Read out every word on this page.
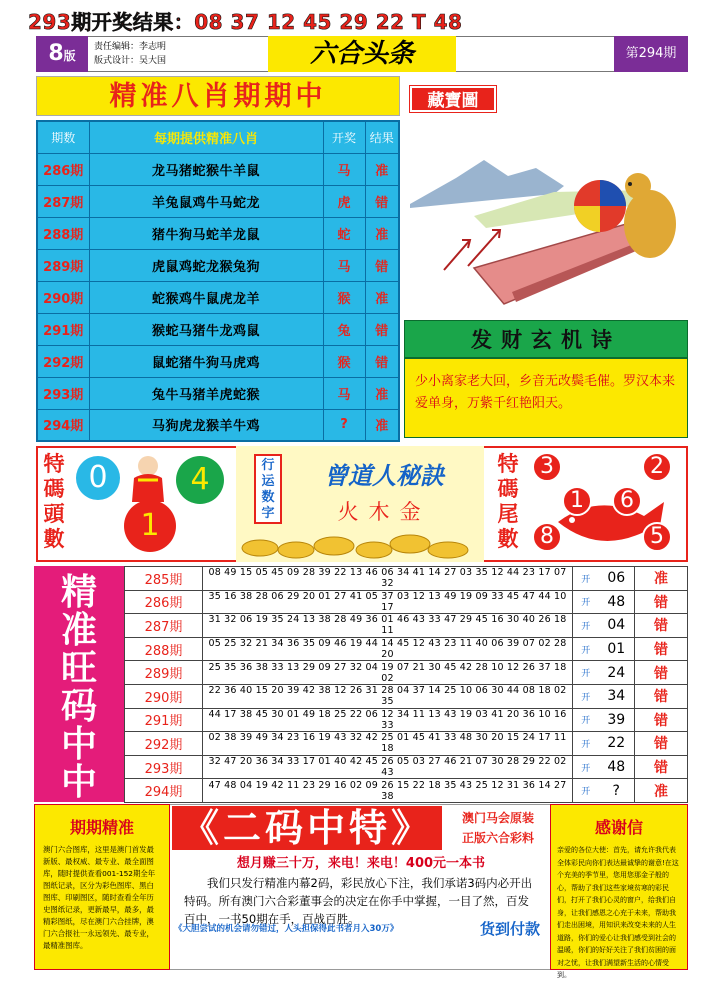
293期开奖结果：08 37 12 45 29 22 T 48
8版
责任编辑：李志明
版式设计：吴大国	六合头条	第294期
精准八肖期期中	藏寶圖
期数	每期提供精准八肖	开奖	结果
286期	龙马猪蛇猴牛羊鼠	马	准
287期	羊兔鼠鸡牛马蛇龙	虎	错
288期	猪牛狗马蛇羊龙鼠	蛇	准
289期	虎鼠鸡蛇龙猴兔狗	马	错
290期	蛇猴鸡牛鼠虎龙羊	猴	准
291期	猴蛇马猪牛龙鸡鼠	兔	错
292期	鼠蛇猪牛狗马虎鸡	猴	错
293期	兔牛马猪羊虎蛇猴	马	准
294期	马狗虎龙猴羊牛鸡	?	准
发财玄机诗
少小离家老大回，乡音无改鬓毛催。罗汉本来爱单身，万紫千红艳阳天。
特
碼
頭
數
0	4
1
行运数字
曾道人秘訣
火木金
特
碼
尾
數
3	2
1	6
8	5
精
准
旺
码
中
中
285期	08 49 15 05 45 09 28 39 22 13 46 06 34 41 14 27 03 35 12 44 23 17 07 32	开	06	准
286期	35 16 38 28 06 29 20 01 27 41 05 37 03 12 13 49 19 09 33 45 47 44 10 17	开	48	错
287期	31 32 06 19 35 24 13 38 28 49 36 01 46 43 33 47 29 45 16 30 40 26 18 11	开	04	错
288期	05 25 32 21 34 36 35 09 46 19 44 14 45 12 43 23 11 40 06 39 07 02 28 20	开	01	错
289期	25 35 36 38 33 13 29 09 27 32 04 19 07 21 30 45 42 28 10 12 26 37 18 02	开	24	错
290期	22 36 40 15 20 39 42 38 12 26 31 28 04 37 14 25 10 06 30 44 08 18 02 35	开	34	错
291期	44 17 38 45 30 01 49 18 25 22 06 12 34 11 13 43 19 03 41 20 36 10 16 33	开	39	错
292期	02 38 39 49 34 23 16 19 43 32 42 25 01 45 41 33 48 30 20 15 24 17 11 18	开	22	错
293期	32 47 20 36 34 33 17 01 40 42 45 26 05 03 27 46 21 07 30 28 29 22 02 43	开	48	错
294期	47 48 04 19 42 11 23 29 16 02 09 26 15 22 18 35 43 25 12 31 36 14 27 38	开	?	准
期期精准

澳门六合图库，这里是澳门首发最新版、最权威、最专业、最全面图库，随时提供查看001-152期全年图纸记录，区分为彩色图库、黑白图库、印刷图区，随时查看全年历史图纸记录，更新最早，最多，最精彩图纸，尽在澳门六合挂牌，澳门六合报社一永远领先、最专业，最精准图库。

《二码中特》	澳门马会原装
正版六合彩料
想月赚三十万，来电！来电！400元一本书
我们只发行精准内幕2码，彩民放心下注，我们承诺3码内必开出特码。所有澳门六合彩董事会的决定在你手中掌握，一目了然，百发百中，一书50期在手，百战百胜。
《大胆尝试的机会请勿错过，人头担保得此书者月入30万》	货到付款
感谢信

亲爱的各位大使：首先，请允许我代表全体彩民向你们表达最诚挚的谢意!在这个充美的季节里，您用您那金子般的心，帮助了我们这些家境贫寒的彩民们，打开了我们心灵的窗户，给我们自身，让我们感恩之心充于未来，帮助我们走出困境，用知识来改变未来的人生道路，你们的爱心让我们感受到社会的温暖，你们的好好关注了我们贫困的面对之忧，让我们满望新生活的心情受到。
